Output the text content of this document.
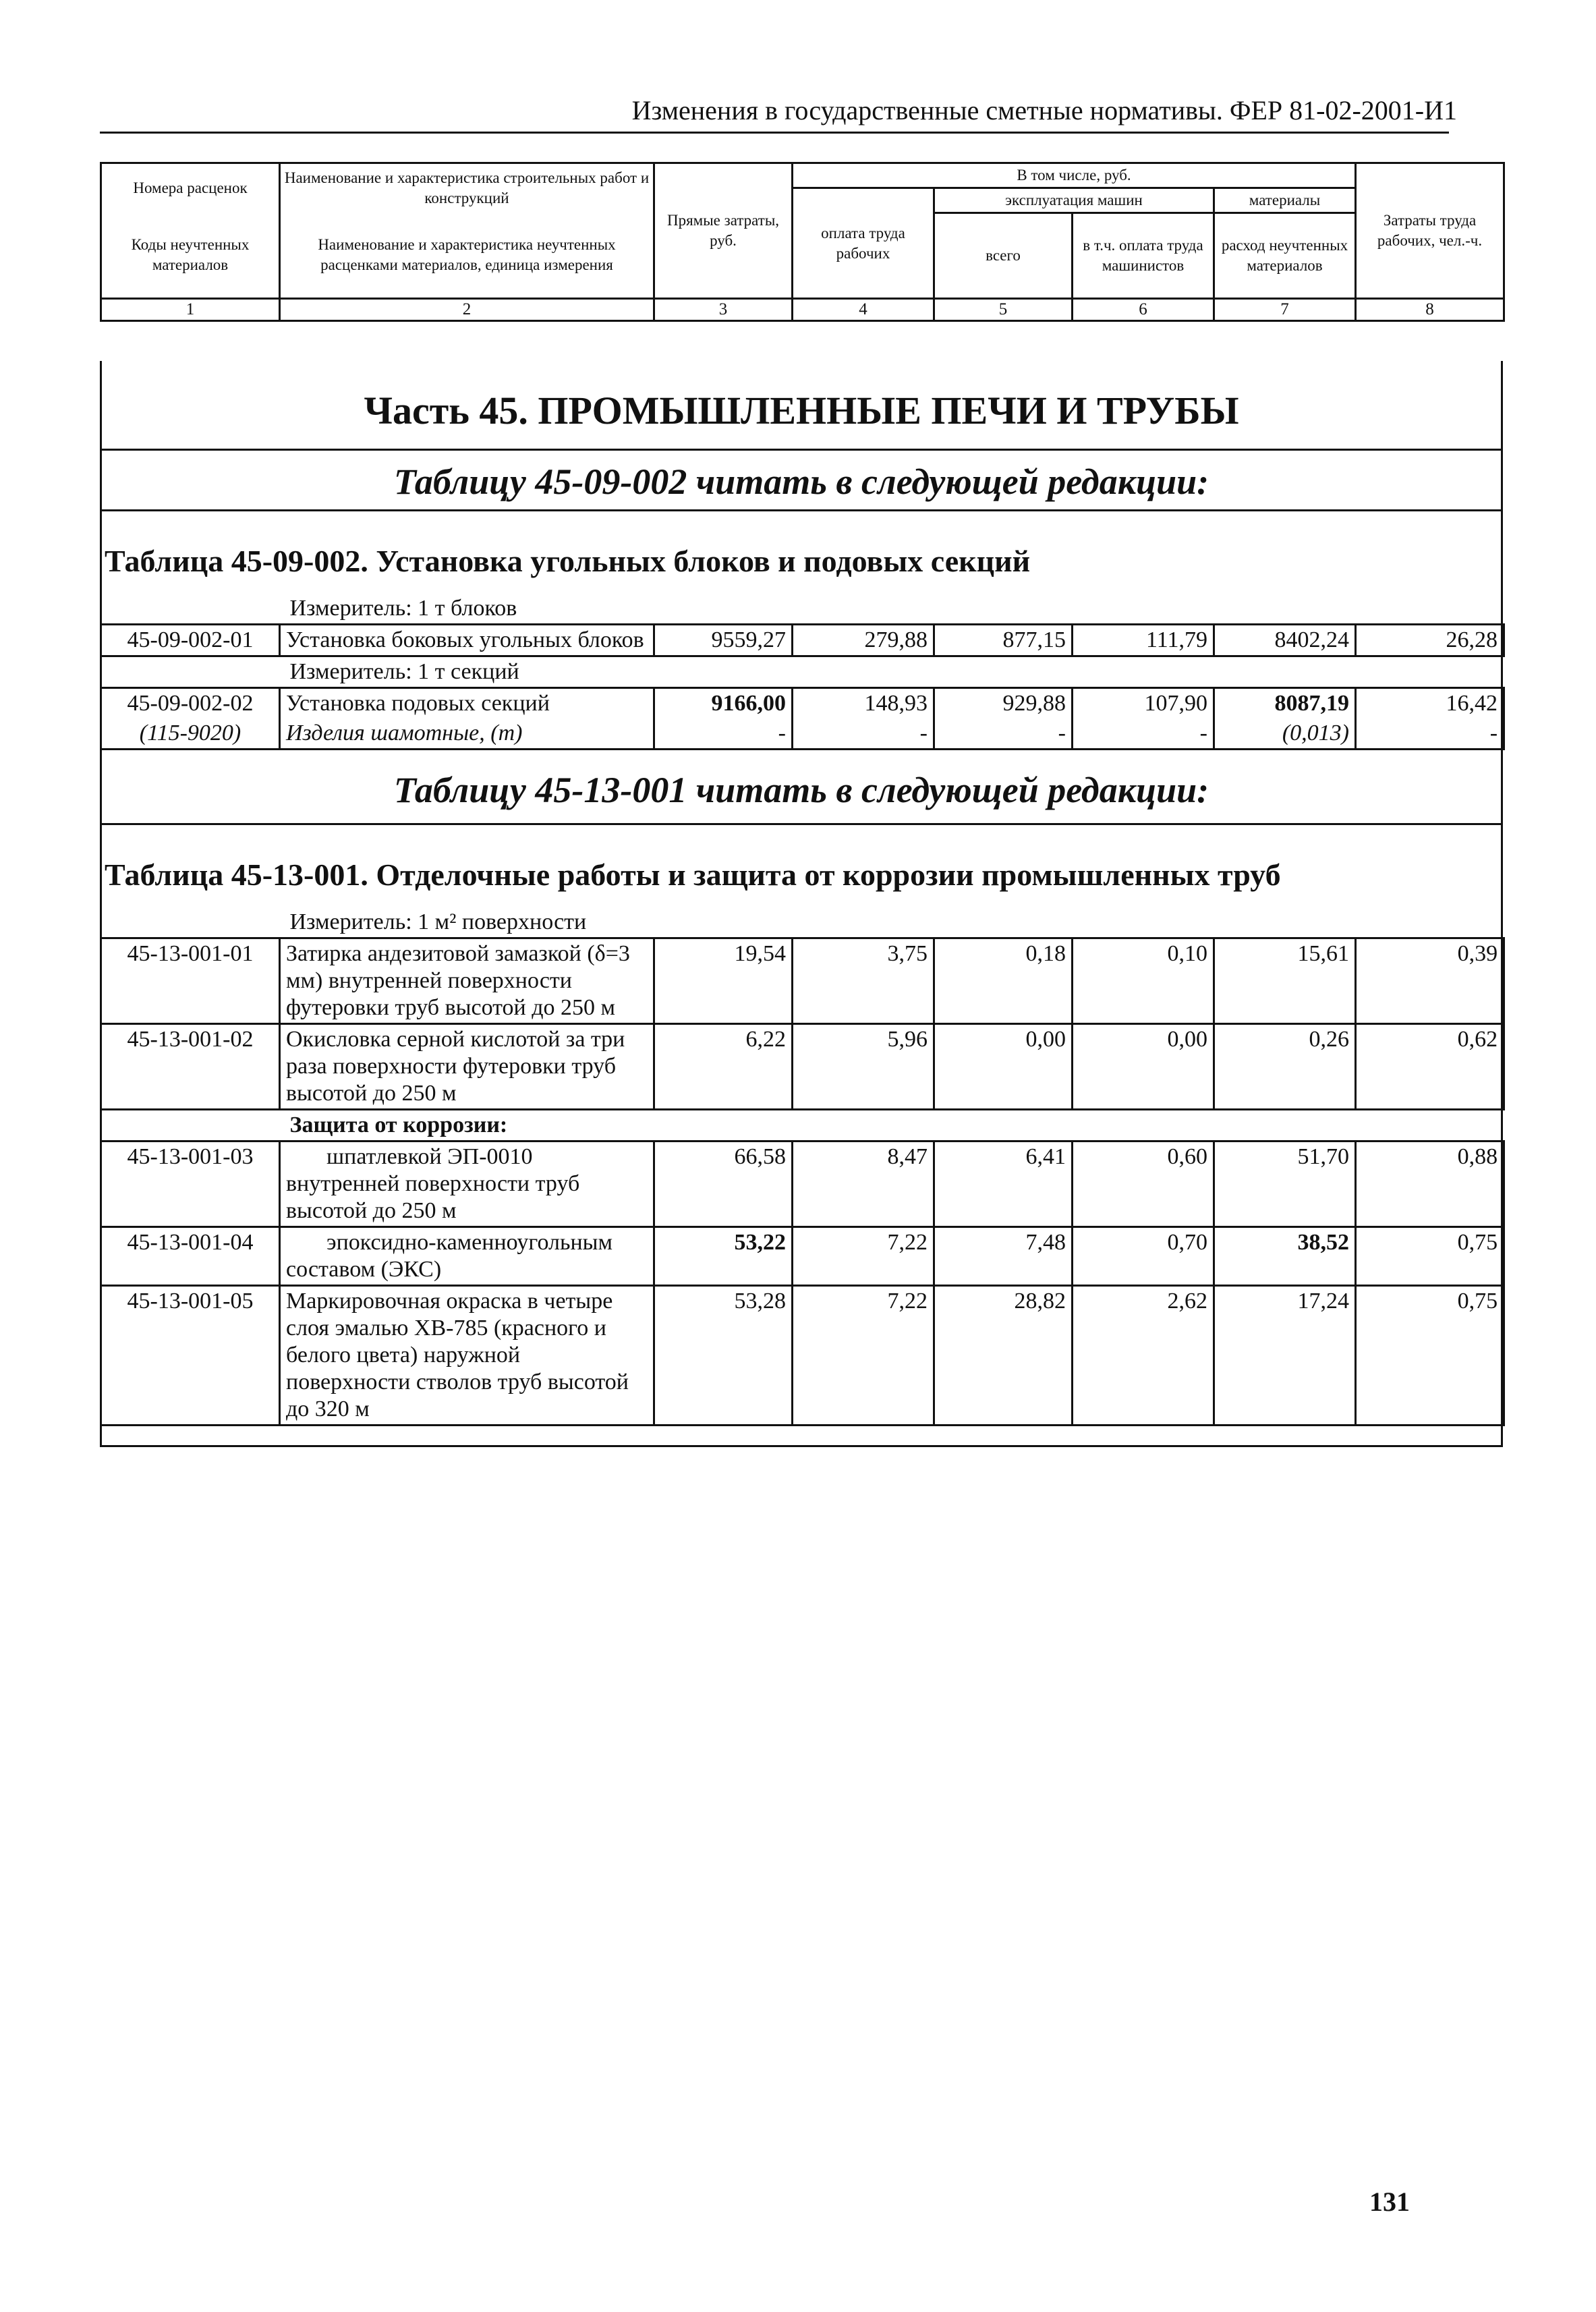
Изменения в государственные сметные нормативы. ФЕР 81-02-2001-И1
Номера расценок	Наименование и характеристика строительных работ и конструкций	Прямые затраты, руб.	В том числе, руб.				Затраты труда рабочих, чел.-ч.
			оплата труда рабочих	эксплуатация машин		материалы	
Коды неучтенных материалов	Наименование и характеристика неучтенных расценками материалов, единица измерения			всего	в т.ч. оплата труда машинистов	расход неучтенных материалов	

1	2	3	4	5	6	7	8
Часть 45. ПРОМЫШЛЕННЫЕ ПЕЧИ И ТРУБЫ
Таблицу 45-09-002 читать в следующей редакции:
Таблица 45-09-002. Установка угольных блоков и подовых секций
Измеритель: 1 т блоков							
45-09-002-01	Установка боковых угольных блоков	9559,27	279,88	877,15	111,79	8402,24	26,28
Измеритель: 1 т секций							
45-09-002-02	Установка подовых секций	9166,00	148,93	929,88	107,90	8087,19	16,42
(115-9020)	Изделия шамотные, (т)	-	-	-	-	(0,013)	-
Таблицу 45-13-001 читать в следующей редакции:
Таблица 45-13-001. Отделочные работы и защита от коррозии промышленных труб
Измеритель: 1 м² поверхности							
45-13-001-01	Затирка андезитовой замазкой (δ=3 мм) внутренней поверхности футеровки труб высотой до 250 м	19,54	3,75	0,18	0,10	15,61	0,39
45-13-001-02	Окисловка серной кислотой за три раза поверхности футеровки труб высотой до 250 м	6,22	5,96	0,00	0,00	0,26	0,62
Защита от коррозии:							
45-13-001-03	шпатлевкой ЭП-0010 внутренней поверхности труб высотой до 250 м	66,58	8,47	6,41	0,60	51,70	0,88
45-13-001-04	эпоксидно-каменноугольным составом (ЭКС)	53,22	7,22	7,48	0,70	38,52	0,75
45-13-001-05	Маркировочная окраска в четыре слоя эмалью ХВ-785 (красного и белого цвета) наружной поверхности стволов труб высотой до 320 м	53,28	7,22	28,82	2,62	17,24	0,75
131
